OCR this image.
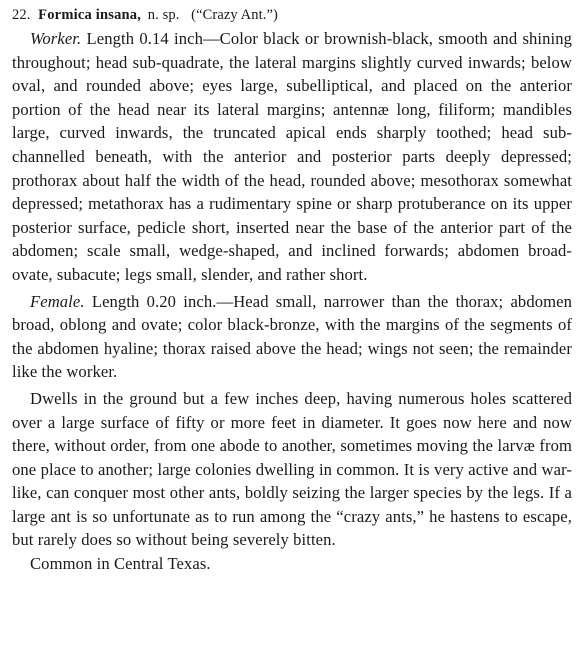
22. Formica insana, n. sp. (“Crazy Ant.”)

Worker. Length 0.14 inch—Color black or brownish-black, smooth and shining throughout; head sub-quadrate, the lateral margins slightly curved inwards; below oval, and rounded above; eyes large, subelliptical, and placed on the anterior portion of the head near its lateral margins; antennæ long, filiform; mandibles large, curved inwards, the truncated apical ends sharply toothed; head sub-channelled beneath, with the anterior and posterior parts deeply depressed; prothorax about half the width of the head, rounded above; mesothorax somewhat depressed; metathorax has a rudimentary spine or sharp protuberance on its upper posterior surface, pedicle short, inserted near the base of the anterior part of the abdomen; scale small, wedge-shaped, and inclined forwards; abdomen broad-ovate, subacute; legs small, slender, and rather short.

Female. Length 0.20 inch.—Head small, narrower than the thorax; abdomen broad, oblong and ovate; color black-bronze, with the margins of the segments of the abdomen hyaline; thorax raised above the head; wings not seen; the remainder like the worker.

Dwells in the ground but a few inches deep, having numerous holes scattered over a large surface of fifty or more feet in diameter. It goes now here and now there, without order, from one abode to another, sometimes moving the larvæ from one place to another; large colonies dwelling in common. It is very active and war-like, can conquer most other ants, boldly seizing the larger species by the legs. If a large ant is so unfortunate as to run among the “crazy ants,” he hastens to escape, but rarely does so without being severely bitten.

Common in Central Texas.
